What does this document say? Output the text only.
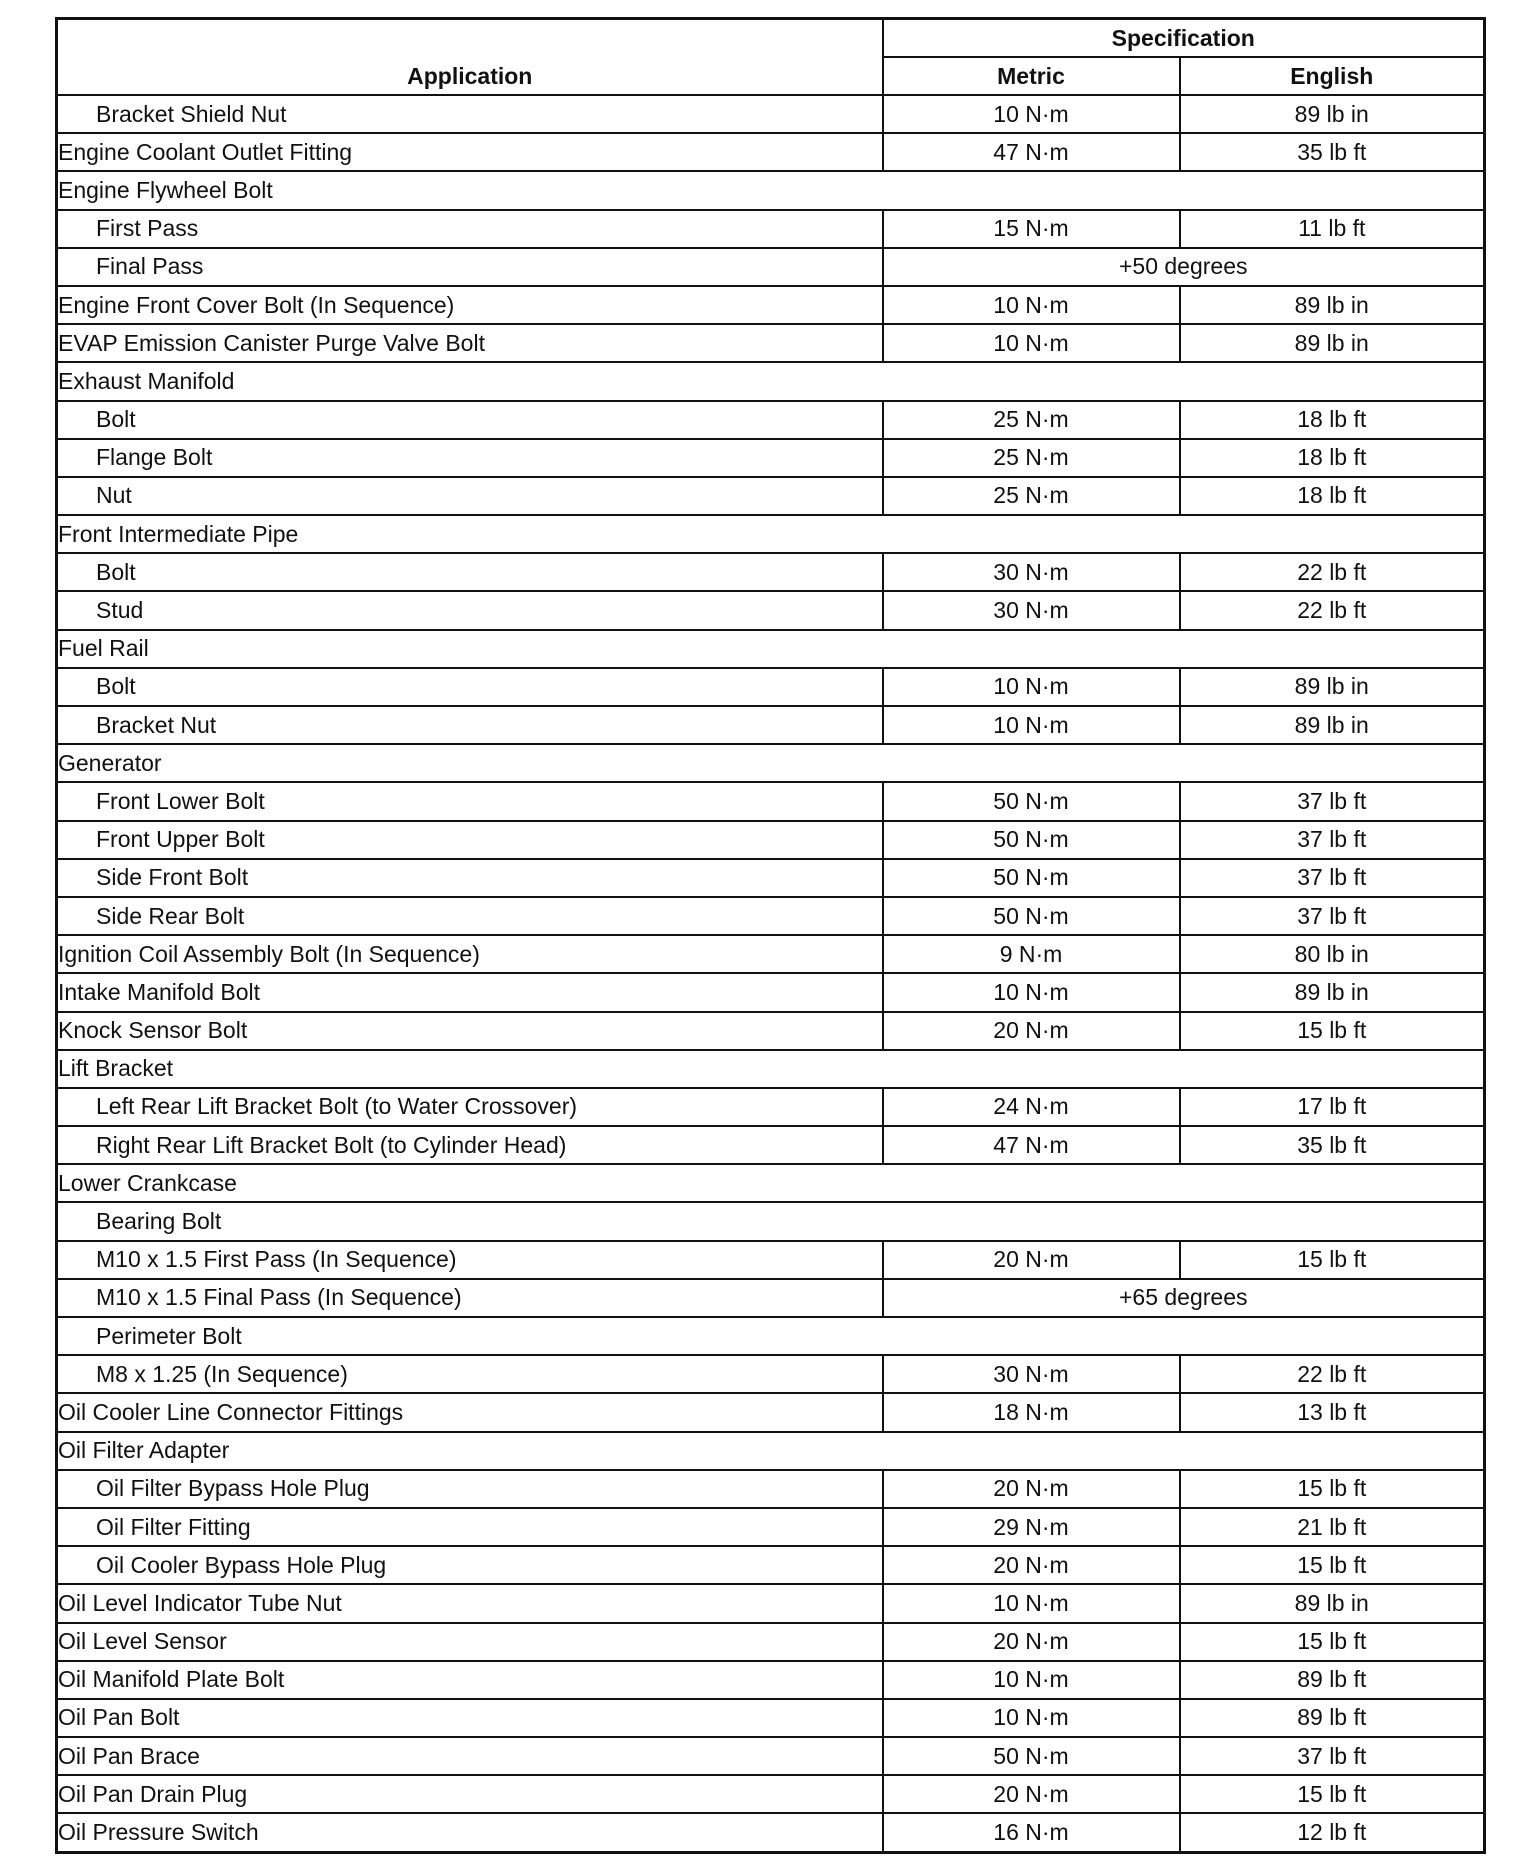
Application	Specification	
	Metric	English
Bracket Shield Nut	10 N·m	89 lb in
Engine Coolant Outlet Fitting	47 N·m	35 lb ft
Engine Flywheel Bolt		
First Pass	15 N·m	11 lb ft
Final Pass	+50 degrees	
Engine Front Cover Bolt (In Sequence)	10 N·m	89 lb in
EVAP Emission Canister Purge Valve Bolt	10 N·m	89 lb in
Exhaust Manifold		
Bolt	25 N·m	18 lb ft
Flange Bolt	25 N·m	18 lb ft
Nut	25 N·m	18 lb ft
Front Intermediate Pipe		
Bolt	30 N·m	22 lb ft
Stud	30 N·m	22 lb ft
Fuel Rail		
Bolt	10 N·m	89 lb in
Bracket Nut	10 N·m	89 lb in
Generator		
Front Lower Bolt	50 N·m	37 lb ft
Front Upper Bolt	50 N·m	37 lb ft
Side Front Bolt	50 N·m	37 lb ft
Side Rear Bolt	50 N·m	37 lb ft
Ignition Coil Assembly Bolt (In Sequence)	9 N·m	80 lb in
Intake Manifold Bolt	10 N·m	89 lb in
Knock Sensor Bolt	20 N·m	15 lb ft
Lift Bracket		
Left Rear Lift Bracket Bolt (to Water Crossover)	24 N·m	17 lb ft
Right Rear Lift Bracket Bolt (to Cylinder Head)	47 N·m	35 lb ft
Lower Crankcase		
Bearing Bolt		
M10 x 1.5 First Pass (In Sequence)	20 N·m	15 lb ft
M10 x 1.5 Final Pass (In Sequence)	+65 degrees	
Perimeter Bolt		
M8 x 1.25 (In Sequence)	30 N·m	22 lb ft
Oil Cooler Line Connector Fittings	18 N·m	13 lb ft
Oil Filter Adapter		
Oil Filter Bypass Hole Plug	20 N·m	15 lb ft
Oil Filter Fitting	29 N·m	21 lb ft
Oil Cooler Bypass Hole Plug	20 N·m	15 lb ft
Oil Level Indicator Tube Nut	10 N·m	89 lb in
Oil Level Sensor	20 N·m	15 lb ft
Oil Manifold Plate Bolt	10 N·m	89 lb ft
Oil Pan Bolt	10 N·m	89 lb ft
Oil Pan Brace	50 N·m	37 lb ft
Oil Pan Drain Plug	20 N·m	15 lb ft
Oil Pressure Switch	16 N·m	12 lb ft
